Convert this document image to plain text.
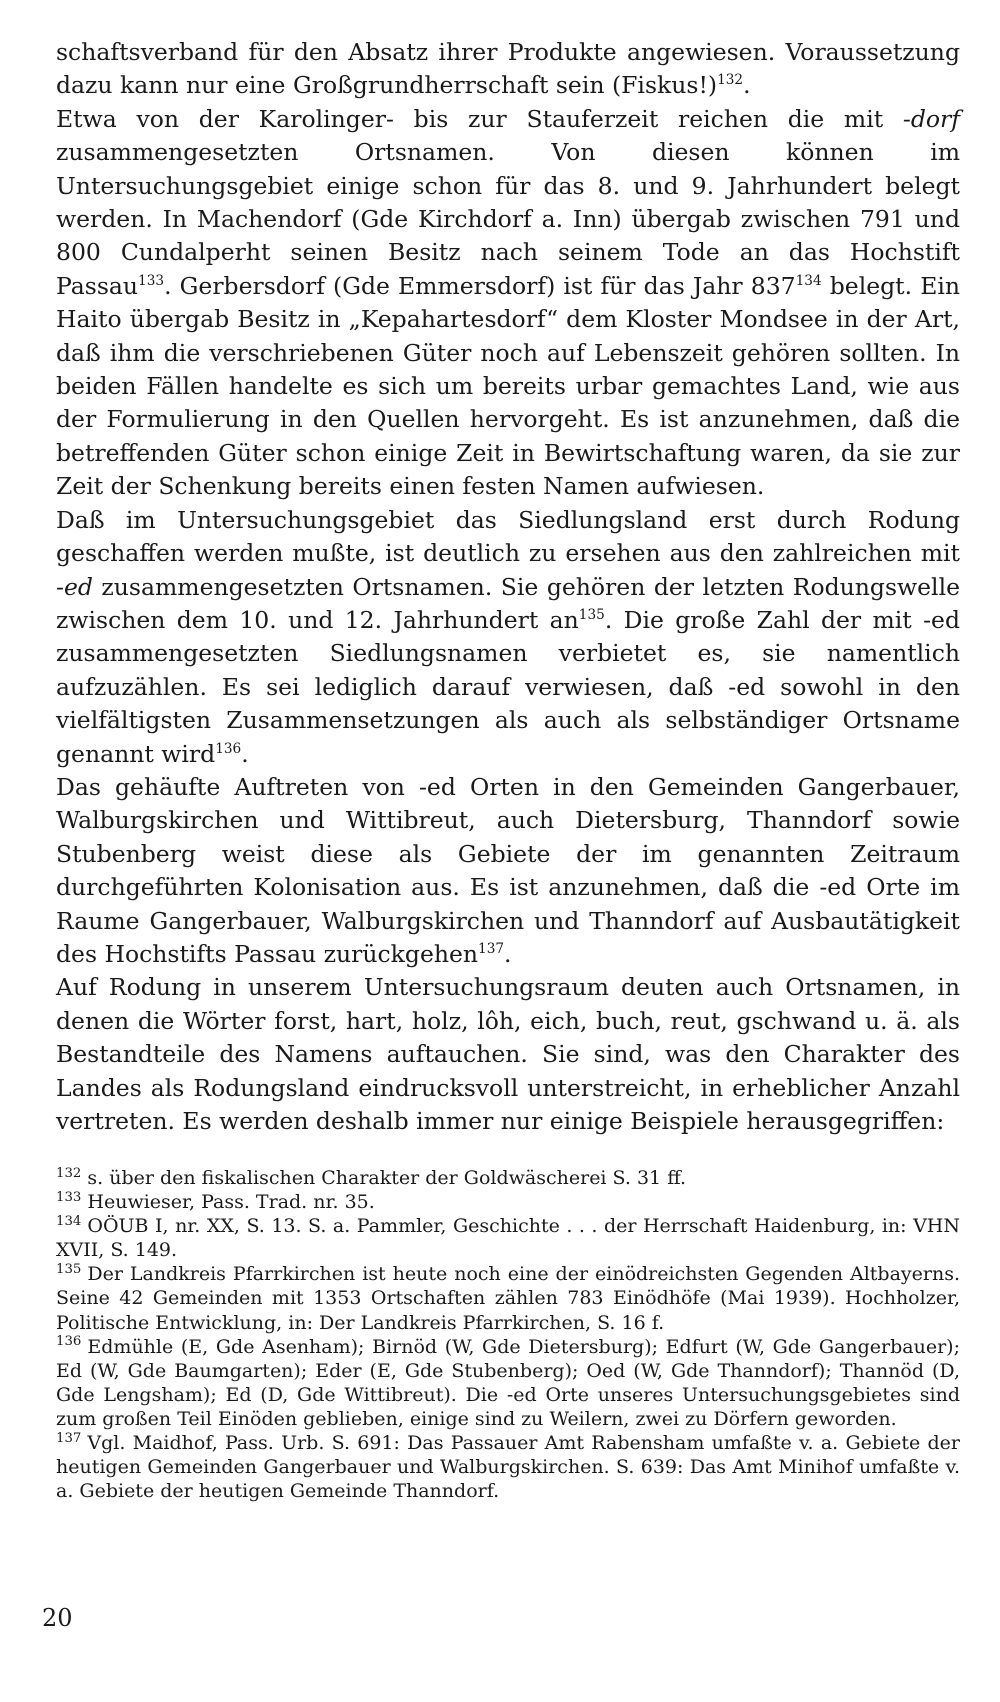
schaftsverband für den Absatz ihrer Produkte angewiesen. Voraussetzung dazu kann nur eine Großgrundherrschaft sein (Fiskus!)$^{132}$.

Etwa von der Karolinger- bis zur Stauferzeit reichen die mit -dorf zusammengesetzten Ortsnamen. Von diesen können im Untersuchungsgebiet einige schon für das 8. und 9. Jahrhundert belegt werden. In Machendorf (Gde Kirchdorf a. Inn) übergab zwischen 791 und 800 Cundalperht seinen Besitz nach seinem Tode an das Hochstift Passau$^{133}$. Gerbersdorf (Gde Emmersdorf) ist für das Jahr $837^{134}$ belegt. Ein Haito übergab Besitz in „Kepahartesdorf“ dem Kloster Mondsee in der Art, daß ihm die verschriebenen Güter noch auf Lebenszeit gehören sollten. In beiden Fällen handelte es sich um bereits urbar gemachtes Land, wie aus der Formulierung in den Quellen hervorgeht. Es ist anzunehmen, daß die betreffenden Güter schon einige Zeit in Bewirtschaftung waren, da sie zur Zeit der Schenkung bereits einen festen Namen aufwiesen.

Daß im Untersuchungsgebiet das Siedlungsland erst durch Rodung geschaffen werden mußte, ist deutlich zu ersehen aus den zahlreichen mit -ed zusammengesetzten Ortsnamen. Sie gehören der letzten Rodungswelle zwischen dem 10. und 12. Jahrhundert $an^{135}$. Die große Zahl der mit -ed zusammengesetzten Siedlungsnamen verbietet es, sie namentlich aufzuzählen. Es sei lediglich darauf verwiesen, daß -ed sowohl in den vielfältigsten Zusammensetzungen als auch als selbständiger Ortsname genannt wird$^{136}$.

Das gehäufte Auftreten von -ed Orten in den Gemeinden Gangerbauer, Walburgskirchen und Wittibreut, auch Dietersburg, Thanndorf sowie Stubenberg weist diese als Gebiete der im genannten Zeitraum durchgeführten Kolonisation aus. Es ist anzunehmen, daß die -ed Orte im Raume Gangerbauer, Walburgskirchen und Thanndorf auf Ausbautätigkeit des Hochstifts Passau zurückgehen$^{137}$.

Auf Rodung in unserem Untersuchungsraum deuten auch Ortsnamen, in denen die Wörter forst, hart, holz, lôh, eich, buch, reut, gschwand u. ä. als Bestandteile des Namens auftauchen. Sie sind, was den Charakter des Landes als Rodungsland eindrucksvoll unterstreicht, in erheblicher Anzahl vertreten. Es werden deshalb immer nur einige Beispiele herausgegriffen:

$^{132}$ s. über den fiskalischen Charakter der Goldwäscherei S. 31 ff.

$^{133}$ Heuwieser, Pass. Trad. nr. 35.

$^{134}$ OÖUB I, nr. XX, S. 13. S. a. Pammler, Geschichte . . . der Herrschaft Haidenburg, in: VHN XVII, S. 149.

$^{135}$ Der Landkreis Pfarrkirchen ist heute noch eine der einödreichsten Gegenden Altbayerns. Seine 42 Gemeinden mit 1353 Ortschaften zählen 783 Einödhöfe (Mai 1939). Hochholzer, Politische Entwicklung, in: Der Landkreis Pfarrkirchen, S. 16 f.

$^{136}$ Edmühle (E, Gde Asenham); Birnöd (W, Gde Dietersburg); Edfurt (W, Gde Gangerbauer); Ed (W, Gde Baumgarten); Eder (E, Gde Stubenberg); Oed (W, Gde Thanndorf); Thannöd (D, Gde Lengsham); Ed (D, Gde Wittibreut). Die -ed Orte unseres Untersuchungsgebietes sind zum großen Teil Einöden geblieben, einige sind zu Weilern, zwei zu Dörfern geworden.

$^{137}$ Vgl. Maidhof, Pass. Urb. S. 691: Das Passauer Amt Rabensham umfaßte v. a. Gebiete der heutigen Gemeinden Gangerbauer und Walburgskirchen. S. 639: Das Amt Minihof umfaßte v. a. Gebiete der heutigen Gemeinde Thanndorf.

20
